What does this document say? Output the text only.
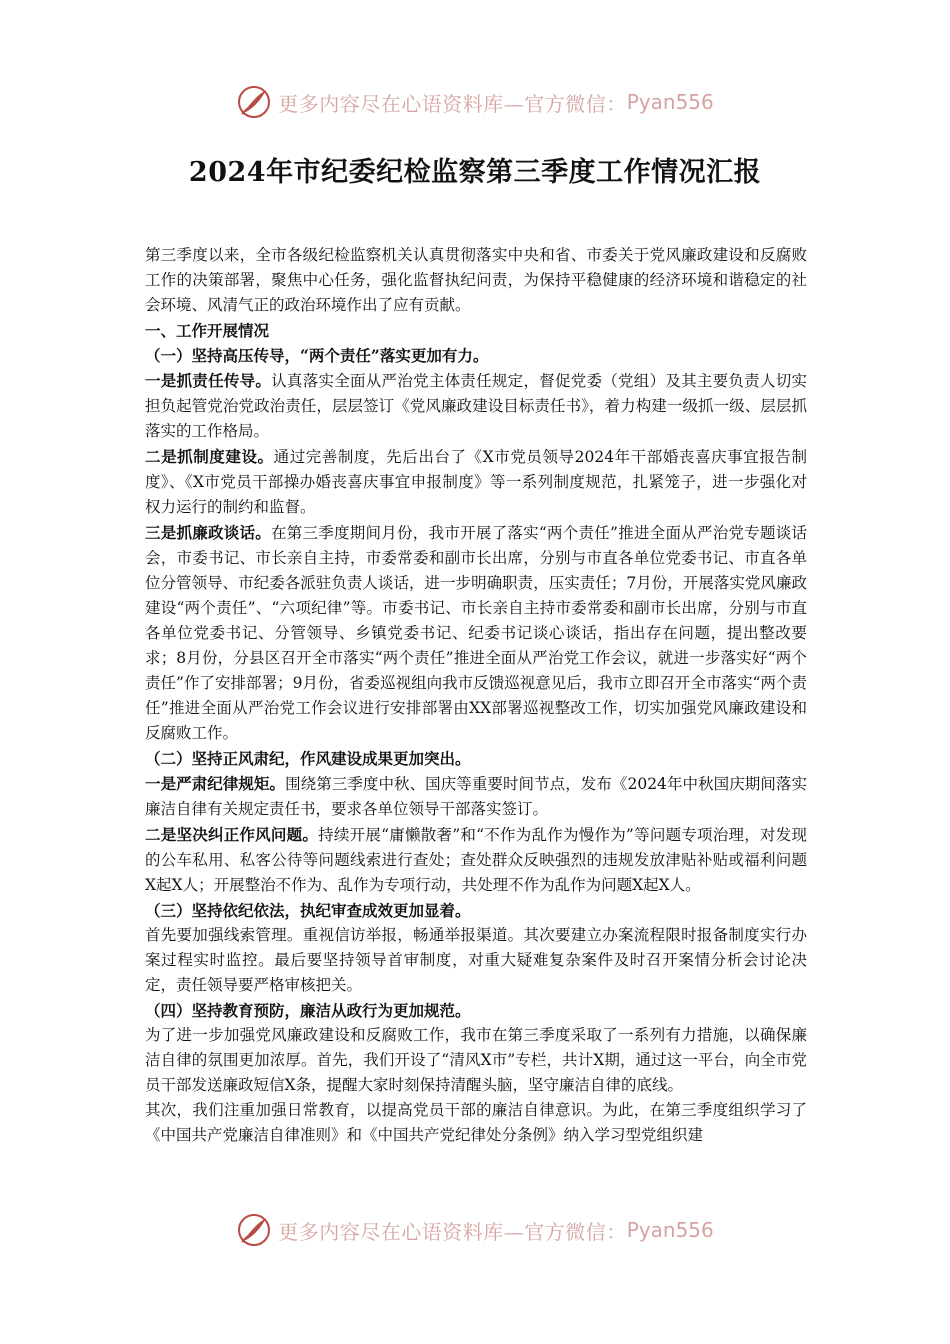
更多内容尽在心语资料库—官方微信： Pyan556
2024年市纪委纪检监察第三季度工作情况汇报

第三季度以来，全市各级纪检监察机关认真贯彻落实中央和省、市委关于党风廉政建设和反腐败工作的决策部署，聚焦中心任务，强化监督执纪问责，为保持平稳健康的经济环境和谐稳定的社会环境、风清气正的政治环境作出了应有贡献。

一、工作开展情况

（一）坚持高压传导，“两个责任”落实更加有力。

一是抓责任传导。认真落实全面从严治党主体责任规定，督促党委（党组）及其主要负责人切实担负起管党治党政治责任，层层签订《党风廉政建设目标责任书》，着力构建一级抓一级、层层抓落实的工作格局。

二是抓制度建设。通过完善制度，先后出台了《X市党员领导2024年干部婚丧喜庆事宜报告制度》、《X市党员干部操办婚丧喜庆事宜申报制度》等一系列制度规范，扎紧笼子，进一步强化对权力运行的制约和监督。

三是抓廉政谈话。在第三季度期间月份，我市开展了落实“两个责任”推进全面从严治党专题谈话会，市委书记、市长亲自主持，市委常委和副市长出席，分别与市直各单位党委书记、市直各单位分管领导、市纪委各派驻负责人谈话，进一步明确职责，压实责任；7月份，开展落实党风廉政建设“两个责任”、“六项纪律”等。市委书记、市长亲自主持市委常委和副市长出席，分别与市直各单位党委书记、分管领导、乡镇党委书记、纪委书记谈心谈话，指出存在问题，提出整改要求；8月份，分县区召开全市落实“两个责任”推进全面从严治党工作会议，就进一步落实好“两个责任”作了安排部署；9月份，省委巡视组向我市反馈巡视意见后，我市立即召开全市落实“两个责任”推进全面从严治党工作会议进行安排部署由XX部署巡视整改工作，切实加强党风廉政建设和反腐败工作。

（二）坚持正风肃纪，作风建设成果更加突出。

一是严肃纪律规矩。围绕第三季度中秋、国庆等重要时间节点，发布《2024年中秋国庆期间落实廉洁自律有关规定责任书，要求各单位领导干部落实签订。

二是坚决纠正作风问题。持续开展“庸懒散奢”和“不作为乱作为慢作为”等问题专项治理，对发现的公车私用、私客公待等问题线索进行查处；查处群众反映强烈的违规发放津贴补贴或福利问题X起X人；开展整治不作为、乱作为专项行动，共处理不作为乱作为问题X起X人。

（三）坚持依纪依法，执纪审查成效更加显着。

首先要加强线索管理。重视信访举报，畅通举报渠道。其次要建立办案流程限时报备制度实行办案过程实时监控。最后要坚持领导首审制度，对重大疑难复杂案件及时召开案情分析会讨论决定，责任领导要严格审核把关。

（四）坚持教育预防，廉洁从政行为更加规范。

为了进一步加强党风廉政建设和反腐败工作，我市在第三季度采取了一系列有力措施，以确保廉洁自律的氛围更加浓厚。首先，我们开设了“清风X市”专栏，共计X期，通过这一平台，向全市党员干部发送廉政短信X条，提醒大家时刻保持清醒头脑，坚守廉洁自律的底线。

其次，我们注重加强日常教育，以提高党员干部的廉洁自律意识。为此，在第三季度组织学习了《中国共产党廉洁自律准则》和《中国共产党纪律处分条例》纳入学习型党组织建

更多内容尽在心语资料库—官方微信： Pyan556
